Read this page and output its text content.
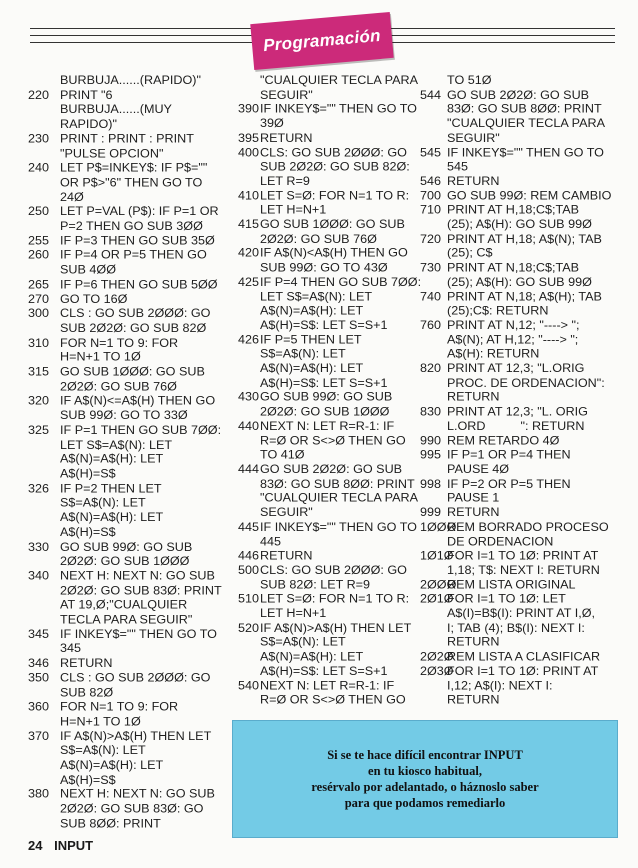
Programación
BURBUJA......(RAPIDO)"
220 PRINT "6
BURBUJA......(MUY
RAPIDO)"
230 PRINT : PRINT : PRINT
"PULSE OPCION"
240 LET P$=INKEY$: IF P$=""
OR P$>"6" THEN GO TO
24Ø
250 LET P=VAL (P$): IF P=1 OR
P=2 THEN GO SUB 3ØØ
255 IF P=3 THEN GO SUB 35Ø
260 IF P=4 OR P=5 THEN GO
SUB 4ØØ
265 IF P=6 THEN GO SUB 5ØØ
270 GO TO 16Ø
300 CLS : GO SUB 2ØØØ: GO
SUB 2Ø2Ø: GO SUB 82Ø
310 FOR N=1 TO 9: FOR
H=N+1 TO 1Ø
315 GO SUB 1ØØØ: GO SUB
2Ø2Ø: GO SUB 76Ø
320 IF A$(N)<=A$(H) THEN GO
SUB 99Ø: GO TO 33Ø
325 IF P=1 THEN GO SUB 7ØØ:
LET S$=A$(N): LET
A$(N)=A$(H): LET
A$(H)=S$
326 IF P=2 THEN LET
S$=A$(N): LET
A$(N)=A$(H): LET
A$(H)=S$
330 GO SUB 99Ø: GO SUB
2Ø2Ø: GO SUB 1ØØØ
340 NEXT H: NEXT N: GO SUB
2Ø2Ø: GO SUB 83Ø: PRINT
AT 19,Ø;"CUALQUIER
TECLA PARA SEGUIR"
345 IF INKEY$="" THEN GO TO
345
346 RETURN
350 CLS : GO SUB 2ØØØ: GO
SUB 82Ø
360 FOR N=1 TO 9: FOR
H=N+1 TO 1Ø
370 IF A$(N)>A$(H) THEN LET
S$=A$(N): LET
A$(N)=A$(H): LET
A$(H)=S$
380 NEXT H: NEXT N: GO SUB
2Ø2Ø: GO SUB 83Ø: GO
SUB 8ØØ: PRINT
"CUALQUIER TECLA PARA
SEGUIR"
390 IF INKEY$="" THEN GO TO
39Ø
395 RETURN
400 CLS: GO SUB 2ØØØ: GO
SUB 2Ø2Ø: GO SUB 82Ø:
LET R=9
410 LET S=Ø: FOR N=1 TO R:
LET H=N+1
415 GO SUB 1ØØØ: GO SUB
2Ø2Ø: GO SUB 76Ø
420 IF A$(N)<A$(H) THEN GO
SUB 99Ø: GO TO 43Ø
425 IF P=4 THEN GO SUB 7ØØ:
LET S$=A$(N): LET
A$(N)=A$(H): LET
A$(H)=S$: LET S=S+1
426 IF P=5 THEN LET
S$=A$(N): LET
A$(N)=A$(H): LET
A$(H)=S$: LET S=S+1
430 GO SUB 99Ø: GO SUB
2Ø2Ø: GO SUB 1ØØØ
440 NEXT N: LET R=R-1: IF
R=Ø OR S<>Ø THEN GO
TO 41Ø
444 GO SUB 2Ø2Ø: GO SUB
83Ø: GO SUB 8ØØ: PRINT
"CUALQUIER TECLA PARA
SEGUIR"
445 IF INKEY$="" THEN GO TO
445
446 RETURN
500 CLS: GO SUB 2ØØØ: GO
SUB 82Ø: LET R=9
510 LET S=Ø: FOR N=1 TO R:
LET H=N+1
520 IF A$(N)>A$(H) THEN LET
S$=A$(N): LET
A$(N)=A$(H): LET
A$(H)=S$: LET S=S+1
540 NEXT N: LET R=R-1: IF
R=Ø OR S<>Ø THEN GO
TO 51Ø
544 GO SUB 2Ø2Ø: GO SUB
83Ø: GO SUB 8ØØ: PRINT
"CUALQUIER TECLA PARA
SEGUIR"
545 IF INKEY$="" THEN GO TO
545
546 RETURN
700 GO SUB 99Ø: REM CAMBIO
710 PRINT AT H,18;C$;TAB
(25); A$(H): GO SUB 99Ø
720 PRINT AT H,18; A$(N); TAB
(25); C$
730 PRINT AT N,18;C$;TAB
(25); A$(H): GO SUB 99Ø
740 PRINT AT N,18; A$(H); TAB
(25);C$: RETURN
760 PRINT AT N,12; "----> ";
A$(N); AT H,12; "----> ";
A$(H): RETURN
820 PRINT AT 12,3; "L.ORIG
PROC. DE ORDENACION":
RETURN
830 PRINT AT 12,3; "L. ORIG
L.ORD          ": RETURN
990 REM RETARDO 4Ø
995 IF P=1 OR P=4 THEN
PAUSE 4Ø
998 IF P=2 OR P=5 THEN
PAUSE 1
999 RETURN
1ØØØ
REM BORRADO PROCESO
DE ORDENACION
1Ø1Ø
FOR I=1 TO 1Ø: PRINT AT
1,18; T$: NEXT I: RETURN
2ØØØ
REM LISTA ORIGINAL
2Ø1Ø
FOR I=1 TO 1Ø: LET
A$(I)=B$(I): PRINT AT I,Ø,
I; TAB (4); B$(I): NEXT I:
RETURN
2Ø2Ø
REM LISTA A CLASIFICAR
2Ø3Ø
FOR I=1 TO 1Ø: PRINT AT
I,12; A$(I): NEXT I:
RETURN
Si se te hace difícil encontrar INPUT
en tu kiosco habitual,
resérvalo por adelantado, o háznoslo saber
para que podamos remediarlo
24 INPUT
